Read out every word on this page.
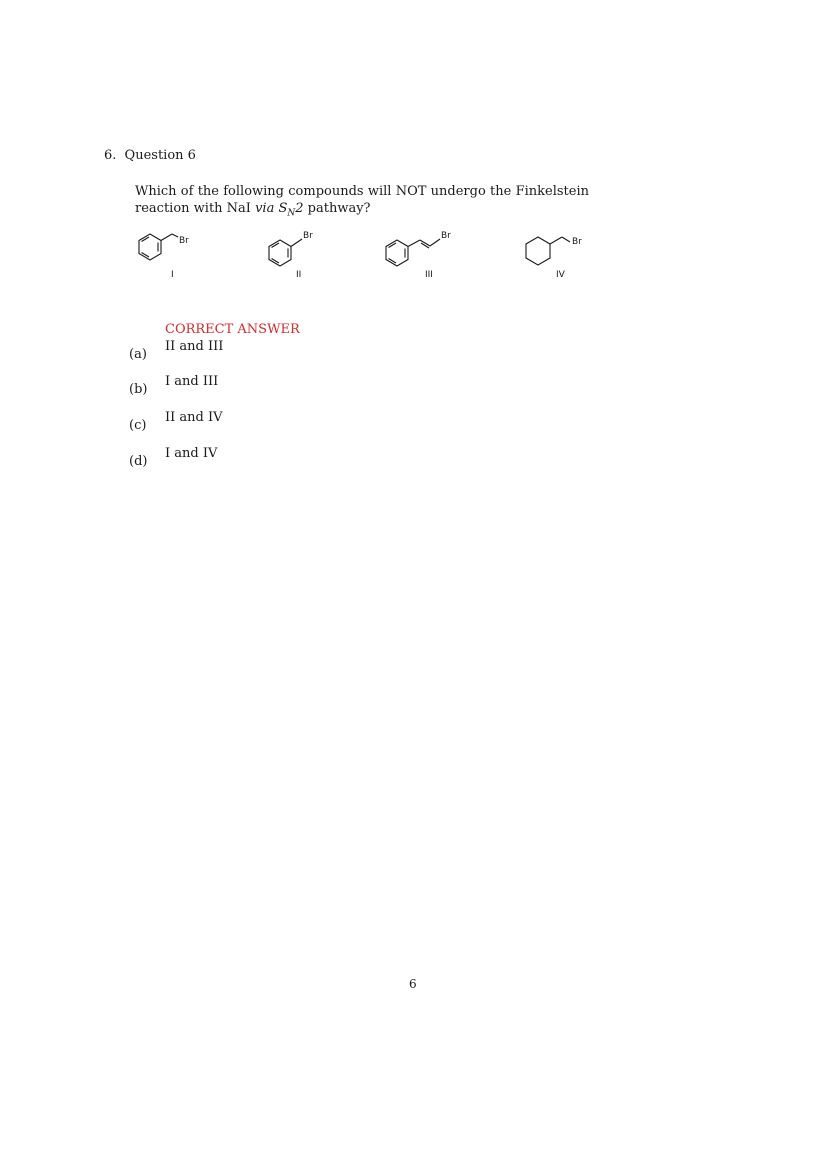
6. Question 6
Which of the following compounds will NOT undergo the Finkelstein
reaction with NaI via $S_N2$ pathway?
Br	Br	Br
Br
I	II	III	IV
CORRECT ANSWER
(a)
II and III
(b)
I and III
(c)
II and IV
(d)
I and IV
6
